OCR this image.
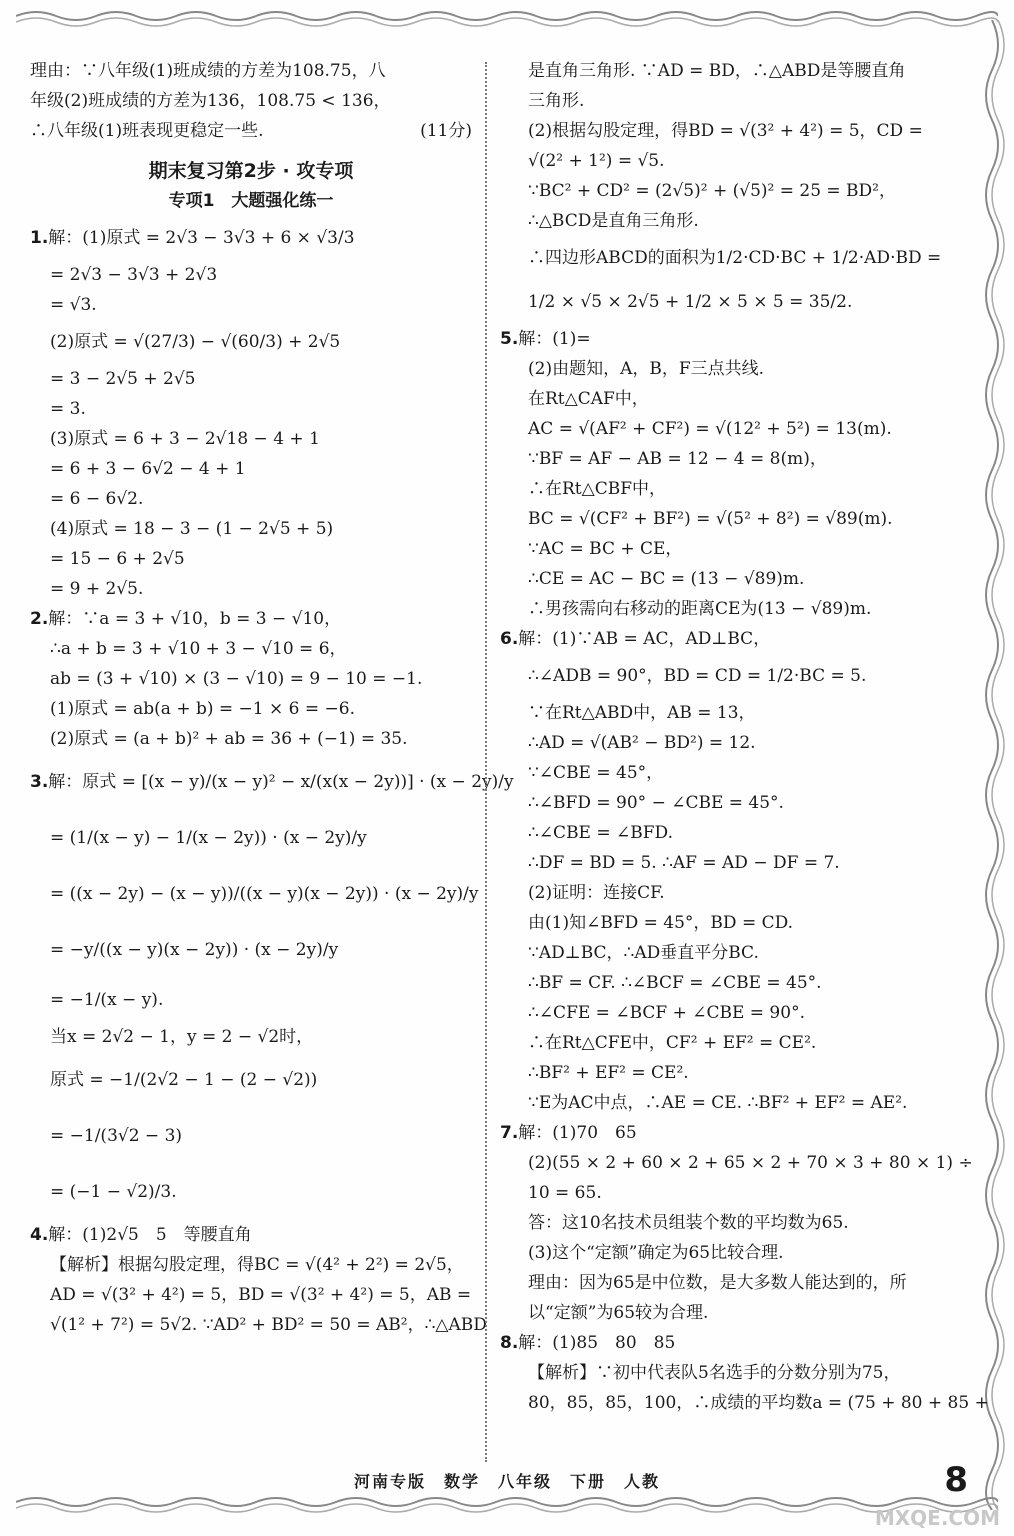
理由：∵八年级(1)班成绩的方差为108.75，八
年级(2)班成绩的方差为136，108.75 < 136，
∴八年级(1)班表现更稳定一些.	(11分)
期末复习第2步 · 攻专项
专项1　大题强化练一
1.解：(1)原式 = 2√3 − 3√3 + 6 × √3/3
= 2√3 − 3√3 + 2√3
= √3.
(2)原式 = √(27/3) − √(60/3) + 2√5
= 3 − 2√5 + 2√5
= 3.
(3)原式 = 6 + 3 − 2√18 − 4 + 1
= 6 + 3 − 6√2 − 4 + 1
= 6 − 6√2.
(4)原式 = 18 − 3 − (1 − 2√5 + 5)
= 15 − 6 + 2√5
= 9 + 2√5.
2.解：∵a = 3 + √10，b = 3 − √10，
∴a + b = 3 + √10 + 3 − √10 = 6，
ab = (3 + √10) × (3 − √10) = 9 − 10 = −1.
(1)原式 = ab(a + b) = −1 × 6 = −6.
(2)原式 = (a + b)² + ab = 36 + (−1) = 35.
3.解：原式 = [(x − y)/(x − y)² − x/(x(x − 2y))] · (x − 2y)/y
= (1/(x − y) − 1/(x − 2y)) · (x − 2y)/y
= ((x − 2y) − (x − y))/((x − y)(x − 2y)) · (x − 2y)/y
= −y/((x − y)(x − 2y)) · (x − 2y)/y
= −1/(x − y).
当x = 2√2 − 1，y = 2 − √2时，
原式 = −1/(2√2 − 1 − (2 − √2))
= −1/(3√2 − 3)
= (−1 − √2)/3.
4.解：(1)2√5　5　等腰直角
【解析】根据勾股定理，得BC = √(4² + 2²) = 2√5，
AD = √(3² + 4²) = 5，BD = √(3² + 4²) = 5，AB =
√(1² + 7²) = 5√2. ∵AD² + BD² = 50 = AB²，∴△ABD
是直角三角形. ∵AD = BD，∴△ABD是等腰直角
三角形.
(2)根据勾股定理，得BD = √(3² + 4²) = 5，CD =
√(2² + 1²) = √5.
∵BC² + CD² = (2√5)² + (√5)² = 25 = BD²，
∴△BCD是直角三角形.
∴四边形ABCD的面积为1/2·CD·BC + 1/2·AD·BD =
1/2 × √5 × 2√5 + 1/2 × 5 × 5 = 35/2.
5.解：(1)=
(2)由题知，A，B，F三点共线.
在Rt△CAF中，
AC = √(AF² + CF²) = √(12² + 5²) = 13(m).
∵BF = AF − AB = 12 − 4 = 8(m)，
∴在Rt△CBF中，
BC = √(CF² + BF²) = √(5² + 8²) = √89(m).
∵AC = BC + CE，
∴CE = AC − BC = (13 − √89)m.
∴男孩需向右移动的距离CE为(13 − √89)m.
6.解：(1)∵AB = AC，AD⊥BC，
∴∠ADB = 90°，BD = CD = 1/2·BC = 5.
∵在Rt△ABD中，AB = 13，
∴AD = √(AB² − BD²) = 12.
∵∠CBE = 45°，
∴∠BFD = 90° − ∠CBE = 45°.
∴∠CBE = ∠BFD.
∴DF = BD = 5. ∴AF = AD − DF = 7.
(2)证明：连接CF.
由(1)知∠BFD = 45°，BD = CD.
∵AD⊥BC，∴AD垂直平分BC.
∴BF = CF. ∴∠BCF = ∠CBE = 45°.
∴∠CFE = ∠BCF + ∠CBE = 90°.
∴在Rt△CFE中，CF² + EF² = CE².
∴BF² + EF² = CE².
∵E为AC中点，∴AE = CE. ∴BF² + EF² = AE².
7.解：(1)70　65
(2)(55 × 2 + 60 × 2 + 65 × 2 + 70 × 3 + 80 × 1) ÷
10 = 65.
答：这10名技术员组装个数的平均数为65.
(3)这个“定额”确定为65比较合理.
理由：因为65是中位数，是大多数人能达到的，所
以“定额”为65较为合理.
8.解：(1)85　80　85
【解析】∵初中代表队5名选手的分数分别为75，
80，85，85，100，∴成绩的平均数a = (75 + 80 + 85 +
河南专版　数学　八年级　下册　人教	8
MXQE.COM
